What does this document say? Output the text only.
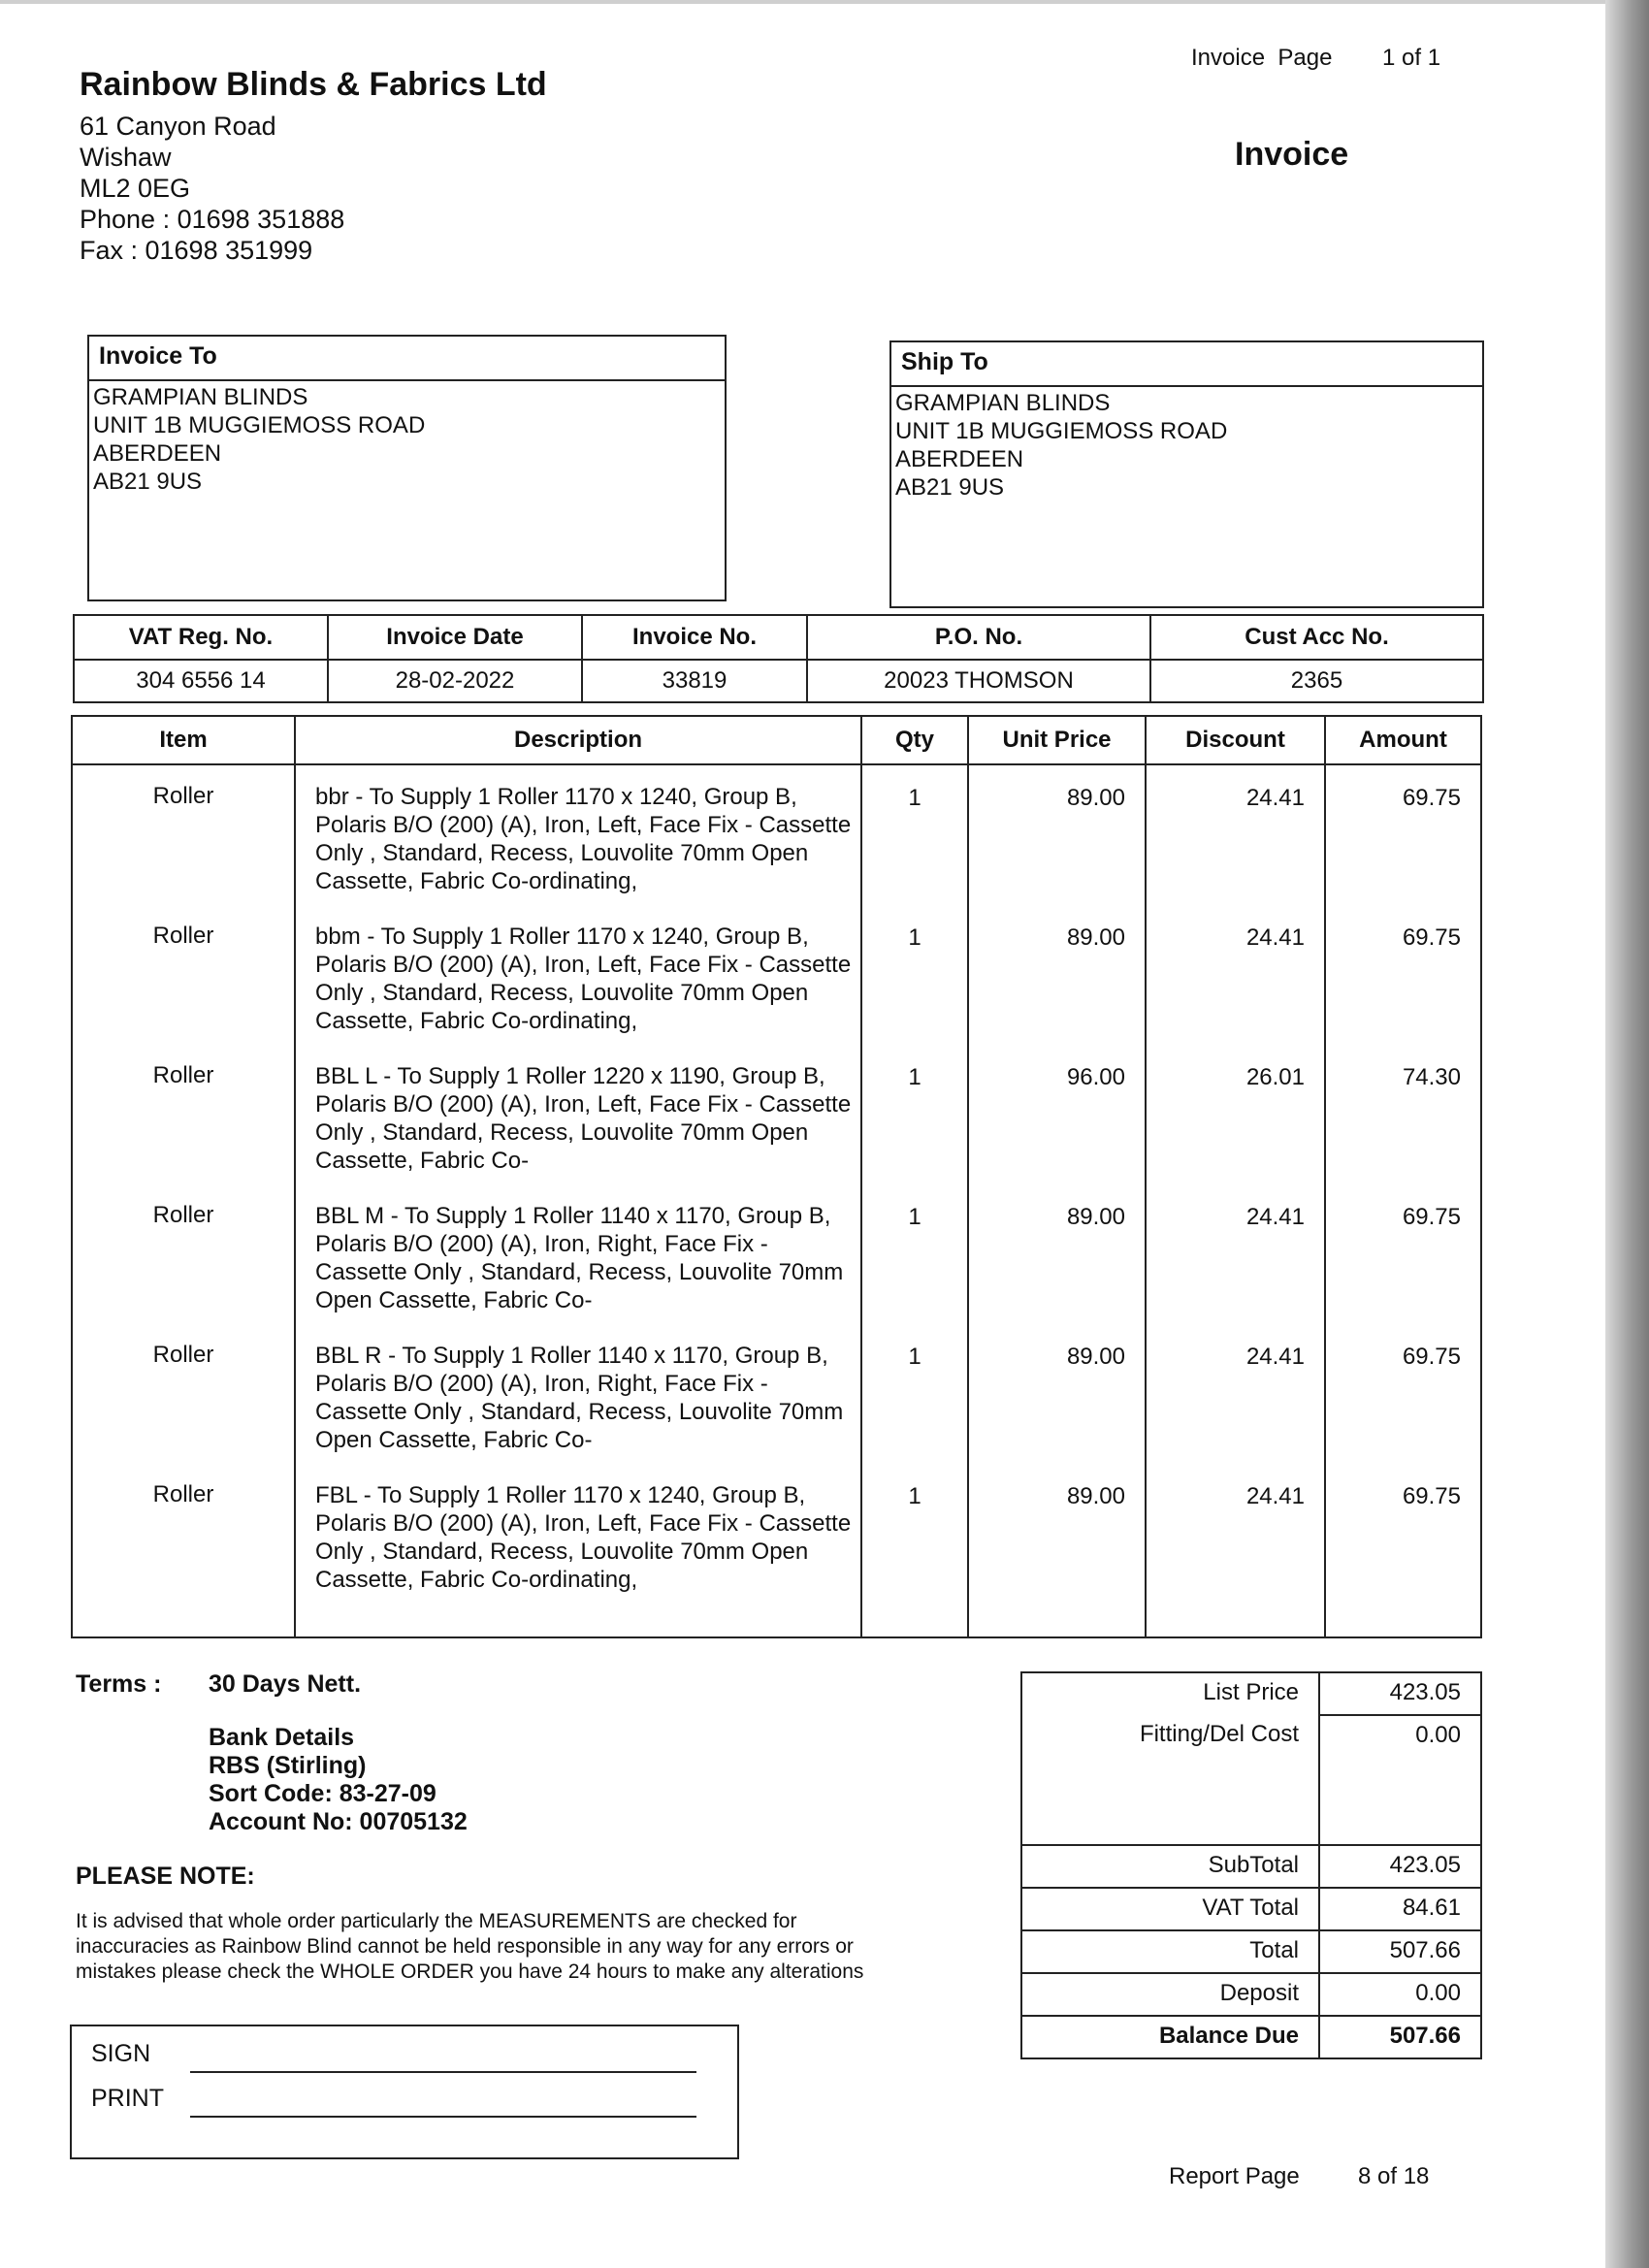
Rainbow Blinds & Fabrics Ltd
61 Canyon Road
Wishaw
ML2 0EG
Phone : 01698 351888
Fax : 01698 351999
Invoice  Page 1 of 1
Invoice
Invoice To
GRAMPIAN BLINDS
UNIT 1B MUGGIEMOSS ROAD
ABERDEEN
AB21 9US
Ship To
GRAMPIAN BLINDS
UNIT 1B MUGGIEMOSS ROAD
ABERDEEN
AB21 9US
VAT Reg. No.	Invoice Date	Invoice No.	P.O. No.	Cust Acc No.
304 6556 14	28-02-2022	33819	20023 THOMSON	2365
Item	Description	Qty	Unit Price	Discount	Amount
Roller	bbr - To Supply 1 Roller 1170 x 1240, Group B, Polaris B/O (200) (A), Iron, Left, Face Fix - Cassette Only , Standard, Recess, Louvolite 70mm Open Cassette, Fabric Co-ordinating,	1	89.00	24.41	69.75
Roller	bbm - To Supply 1 Roller 1170 x 1240, Group B, Polaris B/O (200) (A), Iron, Left, Face Fix - Cassette Only , Standard, Recess, Louvolite 70mm Open Cassette, Fabric Co-ordinating,	1	89.00	24.41	69.75
Roller	BBL L - To Supply 1 Roller 1220 x 1190, Group B, Polaris B/O (200) (A), Iron, Left, Face Fix - Cassette Only , Standard, Recess, Louvolite 70mm Open Cassette, Fabric Co-	1	96.00	26.01	74.30
Roller	BBL M - To Supply 1 Roller 1140 x 1170, Group B, Polaris B/O (200) (A), Iron, Right, Face Fix - Cassette Only , Standard, Recess, Louvolite 70mm Open Cassette, Fabric Co-	1	89.00	24.41	69.75
Roller	BBL R - To Supply 1 Roller 1140 x 1170, Group B, Polaris B/O (200) (A), Iron, Right, Face Fix - Cassette Only , Standard, Recess, Louvolite 70mm Open Cassette, Fabric Co-	1	89.00	24.41	69.75
Roller	FBL - To Supply 1 Roller 1170 x 1240, Group B, Polaris B/O (200) (A), Iron, Left, Face Fix - Cassette Only , Standard, Recess, Louvolite 70mm Open Cassette, Fabric Co-ordinating,	1	89.00	24.41	69.75
Terms : 30 Days Nett.
Bank Details
RBS (Stirling)
Sort Code: 83-27-09
Account No: 00705132
PLEASE NOTE:
It is advised that whole order particularly the MEASUREMENTS are checked for
inaccuracies as Rainbow Blind cannot be held responsible in any way for any errors or
mistakes please check the WHOLE ORDER you have 24 hours to make any alterations
List Price	423.05
Fitting/Del Cost	0.00
SubTotal	423.05
VAT Total	84.61
Total	507.66
Deposit	0.00
Balance Due	507.66
SIGN
PRINT
Report Page	8 of 18
